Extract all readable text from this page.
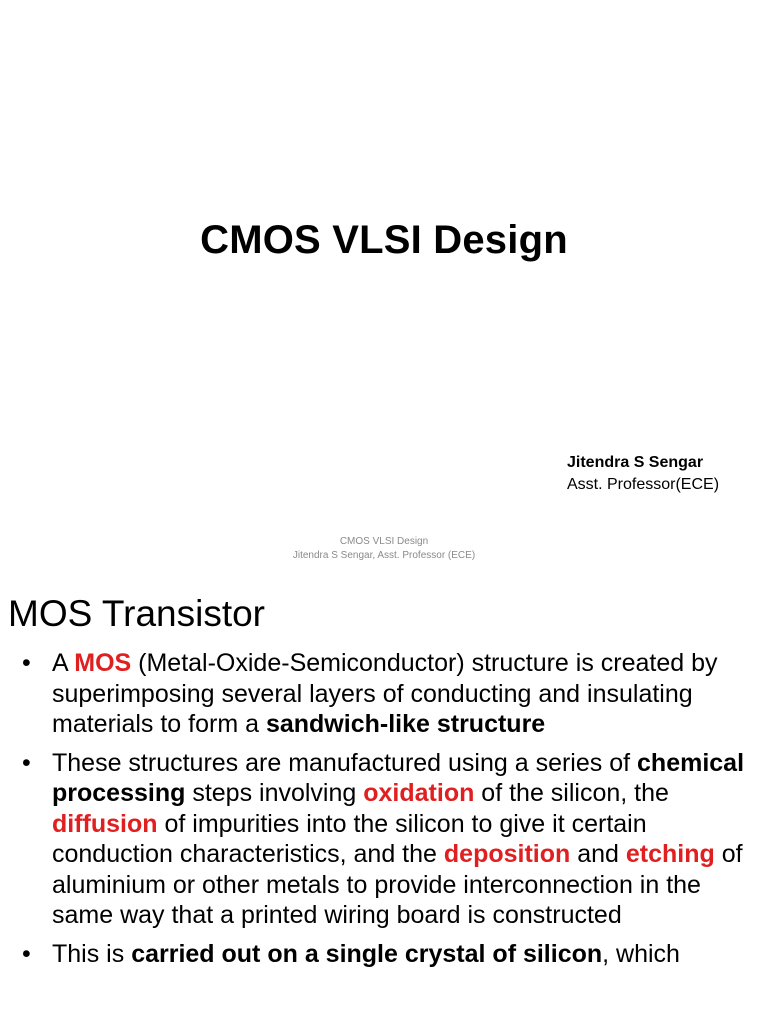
CMOS VLSI Design
Jitendra S Sengar
Asst. Professor(ECE)
CMOS VLSI Design
Jitendra S Sengar, Asst. Professor (ECE)
MOS Transistor
• A MOS (Metal-Oxide-Semiconductor) structure is created by superimposing several layers of conducting and insulating materials to form a sandwich-like structure
• These structures are manufactured using a series of chemical processing steps involving oxidation of the silicon, the diffusion of impurities into the silicon to give it certain conduction characteristics, and the deposition and etching of aluminium or other metals to provide interconnection in the same way that a printed wiring board is constructed
• This is carried out on a single crystal of silicon, which
